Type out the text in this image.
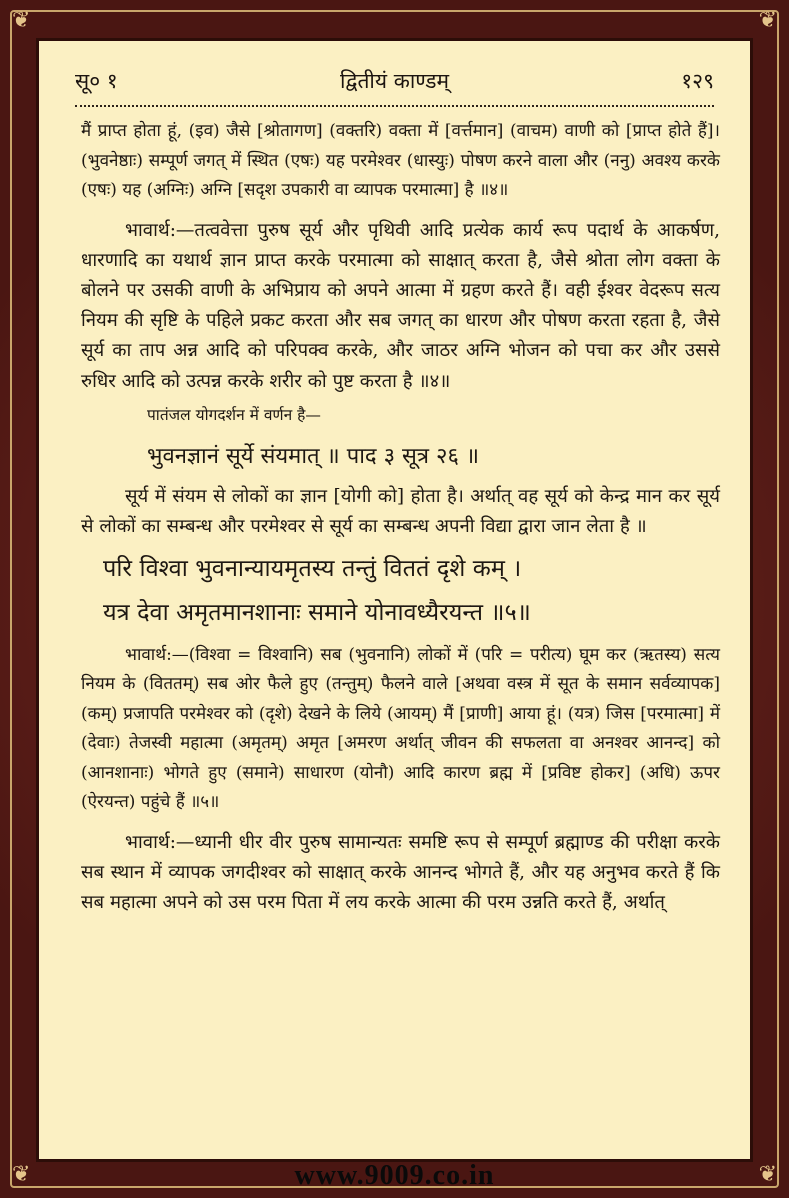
❦	❦
❦	❦
सू० १	द्वितीयं काण्डम्	१२९

मैं प्राप्त होता हूं, (इव) जैसे [श्रोतागण] (वक्तरि) वक्ता में [वर्त्तमान] (वाचम) वाणी को [प्राप्त होते हैं]। (भुवनेष्ठाः) सम्पूर्ण जगत् में स्थित (एषः) यह परमेश्वर (धास्युः) पोषण करने वाला और (ननु) अवश्य करके (एषः) यह (अग्निः) अग्नि [सदृश उपकारी वा व्यापक परमात्मा] है ॥४॥

भावार्थ:—तत्ववेत्ता पुरुष सूर्य और पृथिवी आदि प्रत्येक कार्य रूप पदार्थ के आकर्षण, धारणादि का यथार्थ ज्ञान प्राप्त करके परमात्मा को साक्षात् करता है, जैसे श्रोता लोग वक्ता के बोलने पर उसकी वाणी के अभिप्राय को अपने आत्मा में ग्रहण करते हैं। वही ईश्वर वेदरूप सत्य नियम की सृष्टि के पहिले प्रकट करता और सब जगत् का धारण और पोषण करता रहता है, जैसे सूर्य का ताप अन्न आदि को परिपक्व करके, और जाठर अग्नि भोजन को पचा कर और उससे रुधिर आदि को उत्पन्न करके शरीर को पुष्ट करता है ॥४॥

पातंजल योगदर्शन में वर्णन है—

भुवनज्ञानं सूर्ये संयमात् ॥ पाद ३ सूत्र २६ ॥

सूर्य में संयम से लोकों का ज्ञान [योगी को] होता है। अर्थात् वह सूर्य को केन्द्र मान कर सूर्य से लोकों का सम्बन्ध और परमेश्वर से सूर्य का सम्बन्ध अपनी विद्या द्वारा जान लेता है ॥

परि विश्वा भुवनान्यायमृतस्य तन्तुं विततं दृशे कम् ।
यत्र देवा अमृतमानशानाः समाने योनावध्यैरयन्त ॥५॥

भावार्थ:—(विश्वा = विश्वानि) सब (भुवनानि) लोकों में (परि = परीत्य) घूम कर (ऋतस्य) सत्य नियम के (विततम्) सब ओर फैले हुए (तन्तुम्) फैलने वाले [अथवा वस्त्र में सूत के समान सर्वव्यापक] (कम्) प्रजापति परमेश्वर को (दृशे) देखने के लिये (आयम्) मैं [प्राणी] आया हूं। (यत्र) जिस [परमात्मा] में (देवाः) तेजस्वी महात्मा (अमृतम्) अमृत [अमरण अर्थात् जीवन की सफलता वा अनश्वर आनन्द] को (आनशानाः) भोगते हुए (समाने) साधारण (योनौ) आदि कारण ब्रह्म में [प्रविष्ट होकर] (अधि) ऊपर (ऐरयन्त) पहुंचे हैं ॥५॥

भावार्थ:—ध्यानी धीर वीर पुरुष सामान्यतः समष्टि रूप से सम्पूर्ण ब्रह्माण्ड की परीक्षा करके सब स्थान में व्यापक जगदीश्वर को साक्षात् करके आनन्द भोगते हैं, और यह अनुभव करते हैं कि सब महात्मा अपने को उस परम पिता में लय करके आत्मा की परम उन्नति करते हैं, अर्थात्

www.9009.co.in
